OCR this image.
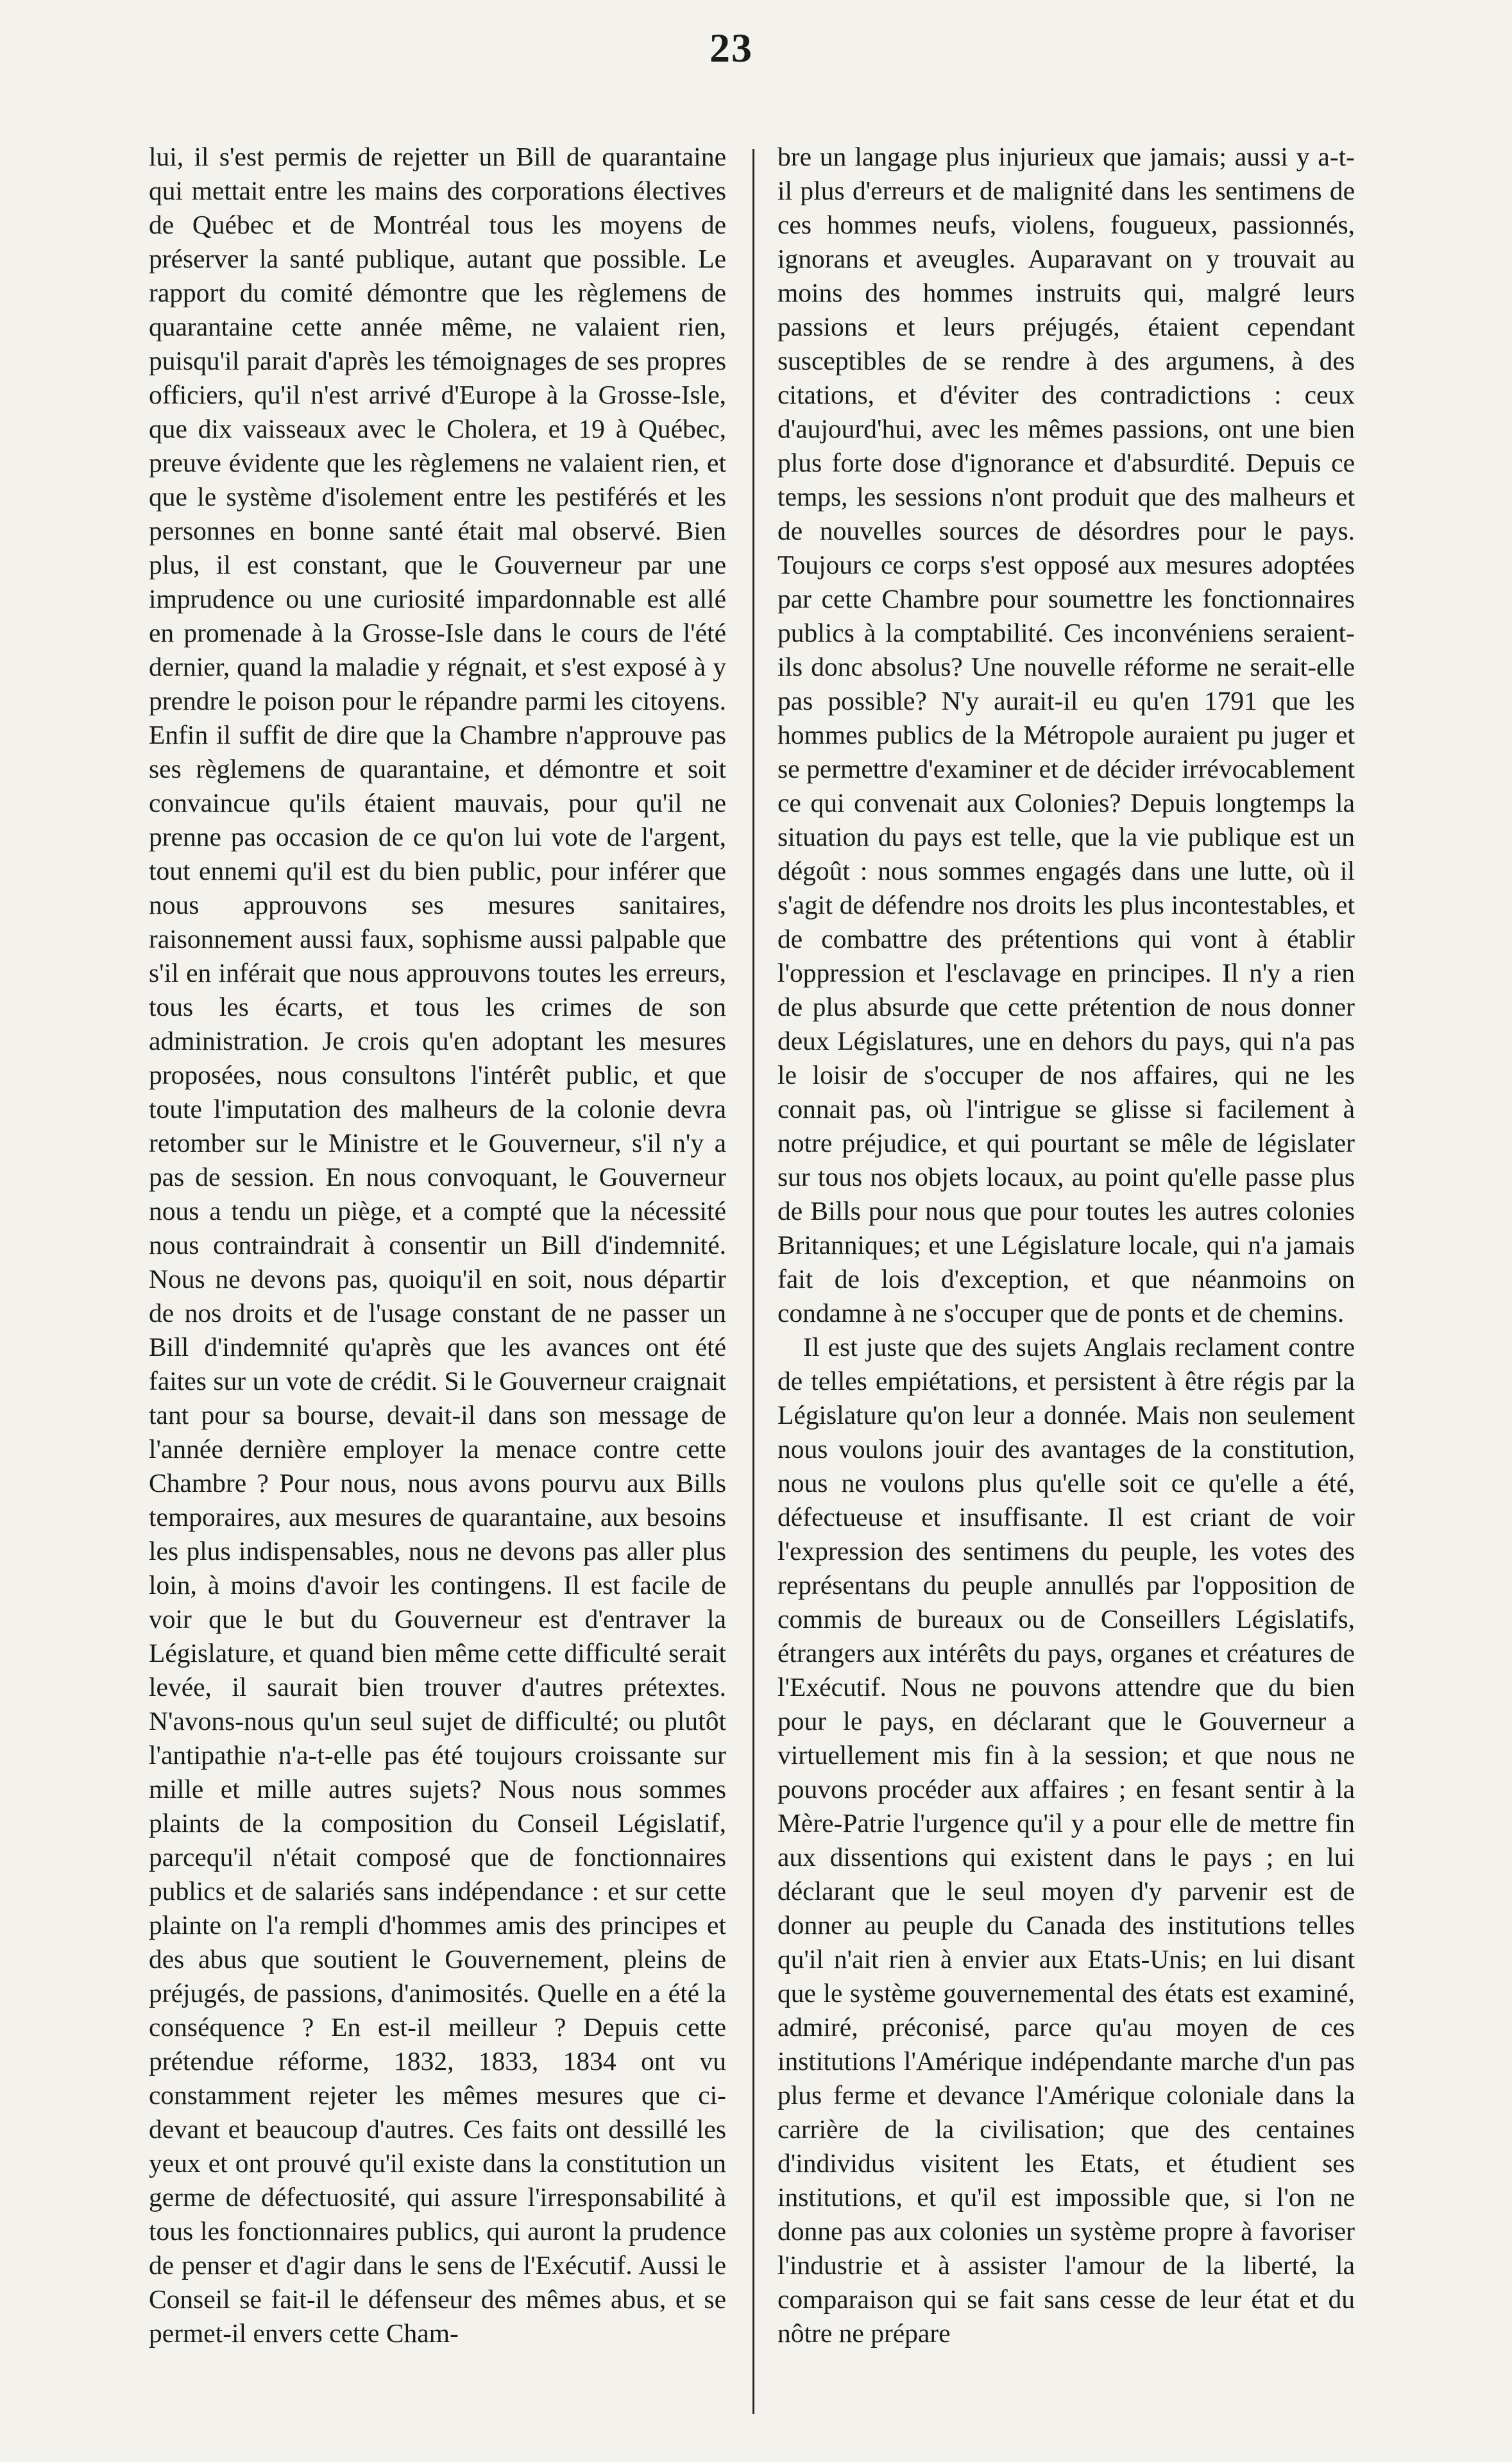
23

lui, il s'est permis de rejetter un Bill de quarantaine qui mettait entre les mains des corporations électives de Québec et de Montréal tous les moyens de préserver la santé publique, autant que possible. Le rapport du comité démontre que les règlemens de quarantaine cette année même, ne valaient rien, puisqu'il parait d'après les témoignages de ses propres officiers, qu'il n'est arrivé d'Europe à la Grosse-Isle, que dix vaisseaux avec le Cholera, et 19 à Québec, preuve évidente que les règlemens ne valaient rien, et que le système d'isolement entre les pestiférés et les personnes en bonne santé était mal observé. Bien plus, il est constant, que le Gouverneur par une imprudence ou une curiosité impardonnable est allé en promenade à la Grosse-Isle dans le cours de l'été dernier, quand la maladie y régnait, et s'est exposé à y prendre le poison pour le répandre parmi les citoyens. Enfin il suffit de dire que la Chambre n'approuve pas ses règlemens de quarantaine, et démontre et soit convaincue qu'ils étaient mauvais, pour qu'il ne prenne pas occasion de ce qu'on lui vote de l'argent, tout ennemi qu'il est du bien public, pour inférer que nous approuvons ses mesures sanitaires, raisonnement aussi faux, sophisme aussi palpable que s'il en inférait que nous approuvons toutes les erreurs, tous les écarts, et tous les crimes de son administration. Je crois qu'en adoptant les mesures proposées, nous consultons l'intérêt public, et que toute l'imputation des malheurs de la colonie devra retomber sur le Ministre et le Gouverneur, s'il n'y a pas de session. En nous convoquant, le Gouverneur nous a tendu un piège, et a compté que la nécessité nous contraindrait à consentir un Bill d'indemnité. Nous ne devons pas, quoiqu'il en soit, nous départir de nos droits et de l'usage constant de ne passer un Bill d'indemnité qu'après que les avances ont été faites sur un vote de crédit. Si le Gouverneur craignait tant pour sa bourse, devait-il dans son message de l'année dernière employer la menace contre cette Chambre ? Pour nous, nous avons pourvu aux Bills temporaires, aux mesures de quarantaine, aux besoins les plus indispensables, nous ne devons pas aller plus loin, à moins d'avoir les contingens. Il est facile de voir que le but du Gouverneur est d'entraver la Législature, et quand bien même cette difficulté serait levée, il saurait bien trouver d'autres prétextes. N'avons-nous qu'un seul sujet de difficulté; ou plutôt l'antipathie n'a-t-elle pas été toujours croissante sur mille et mille autres sujets? Nous nous sommes plaints de la composition du Conseil Législatif, parcequ'il n'était composé que de fonctionnaires publics et de salariés sans indépendance : et sur cette plainte on l'a rempli d'hommes amis des principes et des abus que soutient le Gouvernement, pleins de préjugés, de passions, d'animosités. Quelle en a été la conséquence ? En est-il meilleur ? Depuis cette prétendue réforme, 1832, 1833, 1834 ont vu constamment rejeter les mêmes mesures que ci-devant et beaucoup d'autres. Ces faits ont dessillé les yeux et ont prouvé qu'il existe dans la constitution un germe de défectuosité, qui assure l'irresponsabilité à tous les fonctionnaires publics, qui auront la prudence de penser et d'agir dans le sens de l'Exécutif. Aussi le Conseil se fait-il le défenseur des mêmes abus, et se permet-il envers cette Cham-

bre un langage plus injurieux que jamais; aussi y a-t-il plus d'erreurs et de malignité dans les sentimens de ces hommes neufs, violens, fougueux, passionnés, ignorans et aveugles. Auparavant on y trouvait au moins des hommes instruits qui, malgré leurs passions et leurs préjugés, étaient cependant susceptibles de se rendre à des argumens, à des citations, et d'éviter des contradictions : ceux d'aujourd'hui, avec les mêmes passions, ont une bien plus forte dose d'ignorance et d'absurdité. Depuis ce temps, les sessions n'ont produit que des malheurs et de nouvelles sources de désordres pour le pays. Toujours ce corps s'est opposé aux mesures adoptées par cette Chambre pour soumettre les fonctionnaires publics à la comptabilité. Ces inconvéniens seraient-ils donc absolus? Une nouvelle réforme ne serait-elle pas possible? N'y aurait-il eu qu'en 1791 que les hommes publics de la Métropole auraient pu juger et se permettre d'examiner et de décider irrévocablement ce qui convenait aux Colonies? Depuis longtemps la situation du pays est telle, que la vie publique est un dégoût : nous sommes engagés dans une lutte, où il s'agit de défendre nos droits les plus incontestables, et de combattre des prétentions qui vont à établir l'oppression et l'esclavage en principes. Il n'y a rien de plus absurde que cette prétention de nous donner deux Législatures, une en dehors du pays, qui n'a pas le loisir de s'occuper de nos affaires, qui ne les connait pas, où l'intrigue se glisse si facilement à notre préjudice, et qui pourtant se mêle de législater sur tous nos objets locaux, au point qu'elle passe plus de Bills pour nous que pour toutes les autres colonies Britanniques; et une Législature locale, qui n'a jamais fait de lois d'exception, et que néanmoins on condamne à ne s'occuper que de ponts et de chemins.

Il est juste que des sujets Anglais reclament contre de telles empiétations, et persistent à être régis par la Législature qu'on leur a donnée. Mais non seulement nous voulons jouir des avantages de la constitution, nous ne voulons plus qu'elle soit ce qu'elle a été, défectueuse et insuffisante. Il est criant de voir l'expression des sentimens du peuple, les votes des représentans du peuple annullés par l'opposition de commis de bureaux ou de Conseillers Législatifs, étrangers aux intérêts du pays, organes et créatures de l'Exécutif. Nous ne pouvons attendre que du bien pour le pays, en déclarant que le Gouverneur a virtuellement mis fin à la session; et que nous ne pouvons procéder aux affaires ; en fesant sentir à la Mère-Patrie l'urgence qu'il y a pour elle de mettre fin aux dissentions qui existent dans le pays ; en lui déclarant que le seul moyen d'y parvenir est de donner au peuple du Canada des institutions telles qu'il n'ait rien à envier aux Etats-Unis; en lui disant que le système gouvernemental des états est examiné, admiré, préconisé, parce qu'au moyen de ces institutions l'Amérique indépendante marche d'un pas plus ferme et devance l'Amérique coloniale dans la carrière de la civilisation; que des centaines d'individus visitent les Etats, et étudient ses institutions, et qu'il est impossible que, si l'on ne donne pas aux colonies un système propre à favoriser l'industrie et à assister l'amour de la liberté, la comparaison qui se fait sans cesse de leur état et du nôtre ne prépare
